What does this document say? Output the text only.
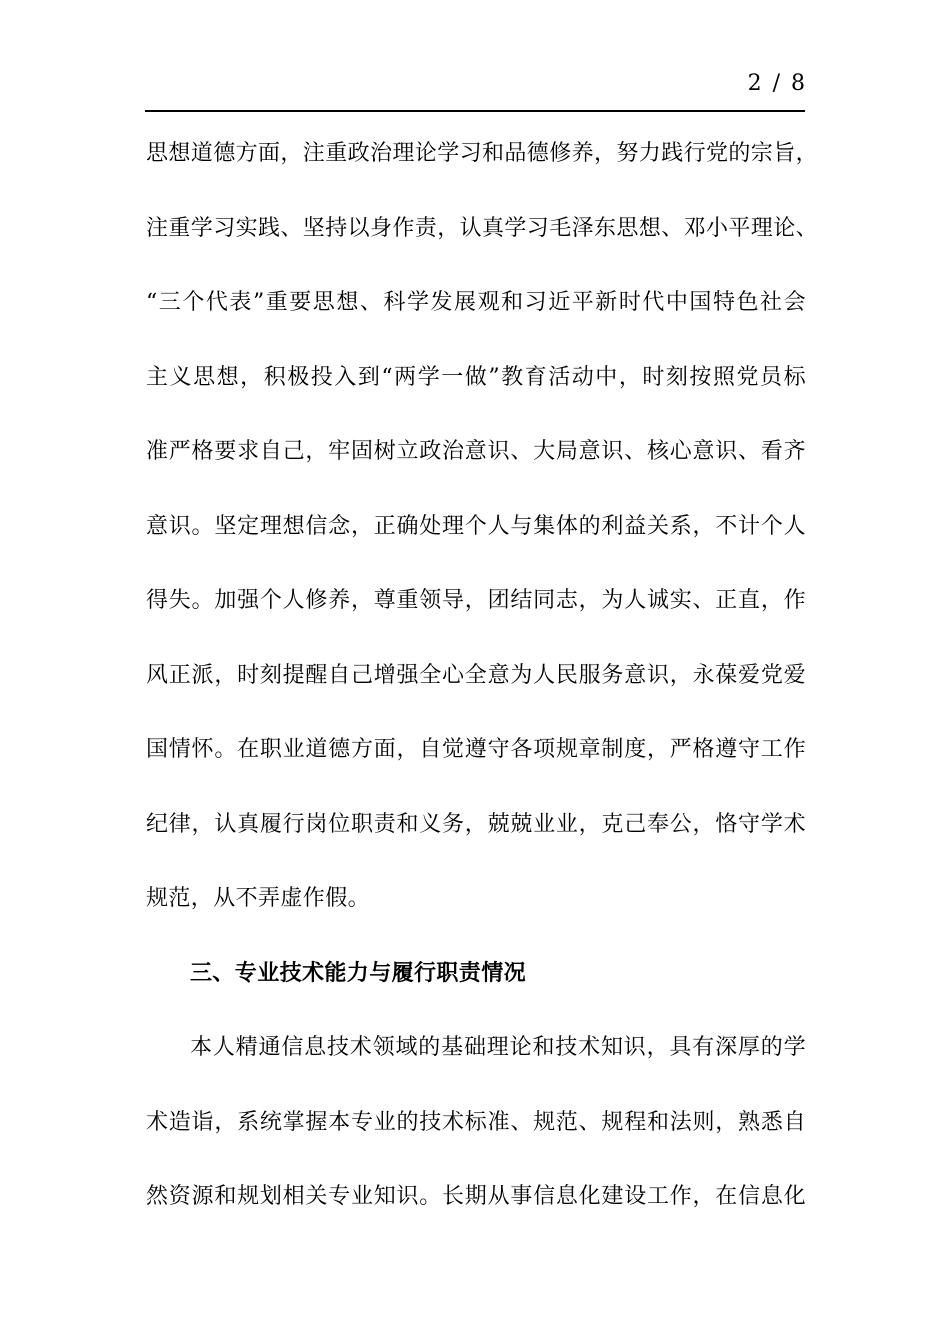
2 / 8
思想道德方面，注重政治理论学习和品德修养，努力践行党的宗旨，
注重学习实践、坚持以身作责，认真学习毛泽东思想、邓小平理论、
“三个代表”重要思想、科学发展观和习近平新时代中国特色社会
主义思想，积极投入到“两学一做”教育活动中，时刻按照党员标
准严格要求自己，牢固树立政治意识、大局意识、核心意识、看齐
意识。坚定理想信念，正确处理个人与集体的利益关系，不计个人
得失。加强个人修养，尊重领导，团结同志，为人诚实、正直，作
风正派，时刻提醒自己增强全心全意为人民服务意识，永葆爱党爱
国情怀。在职业道德方面，自觉遵守各项规章制度，严格遵守工作
纪律，认真履行岗位职责和义务，兢兢业业，克己奉公，恪守学术
规范，从不弄虚作假。
三、专业技术能力与履行职责情况
本人精通信息技术领域的基础理论和技术知识，具有深厚的学
术造诣，系统掌握本专业的技术标准、规范、规程和法则，熟悉自
然资源和规划相关专业知识。长期从事信息化建设工作，在信息化
